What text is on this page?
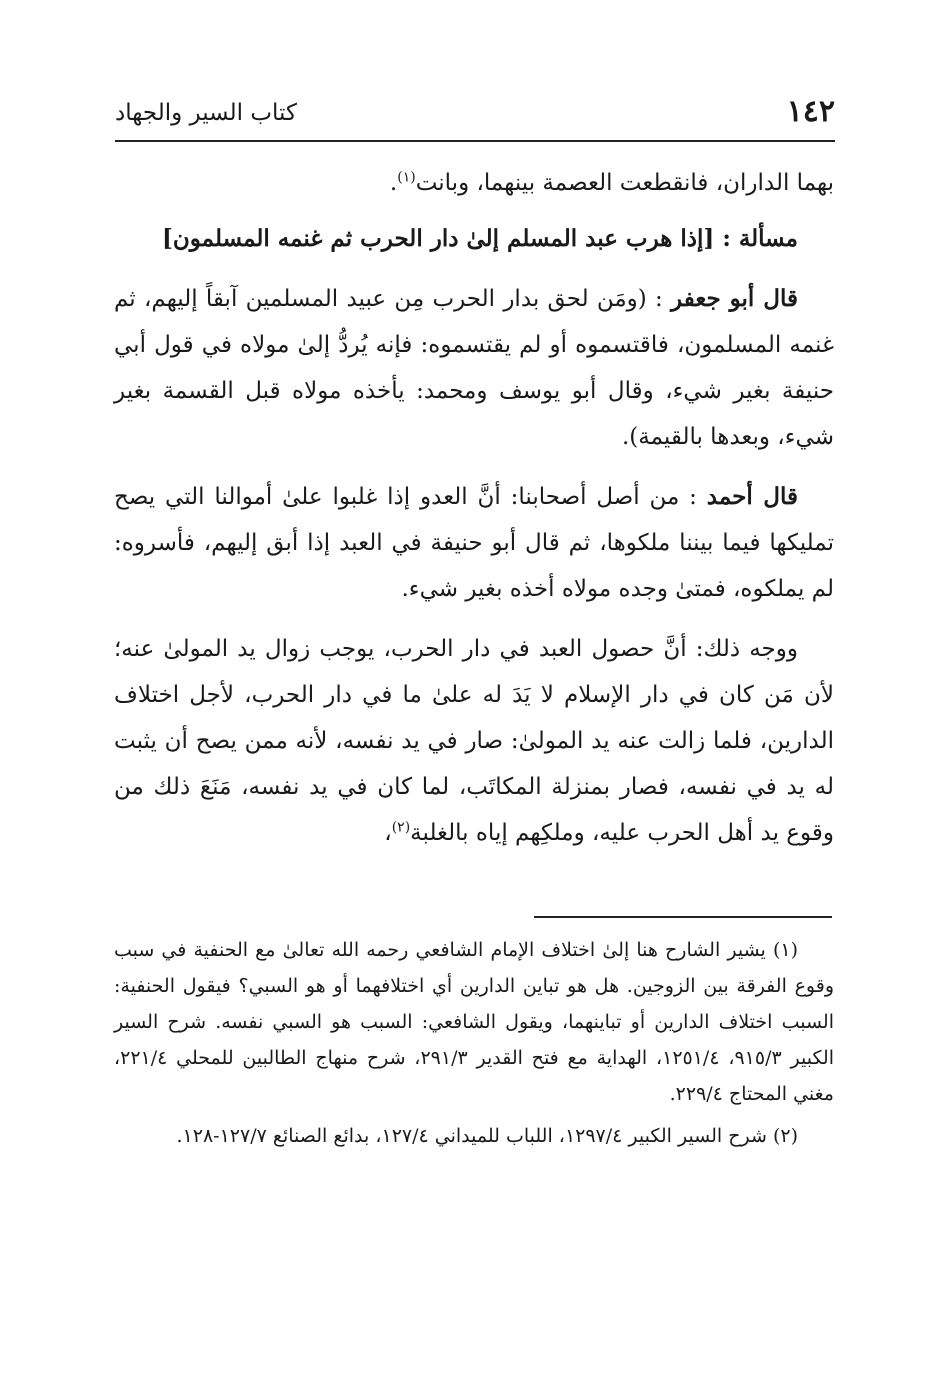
١٤٢
كتاب السير والجهاد

بهما الداران، فانقطعت العصمة بينهما، وبانت$^{(١)}$.

مسألة : [إذا هرب عبد المسلم إلىٰ دار الحرب ثم غنمه المسلمون]

قال أبو جعفر : (ومَن لحق بدار الحرب مِن عبيد المسلمين آبقاً إليهم، ثم غنمه المسلمون، فاقتسموه أو لم يقتسموه: فإنه يُردُّ إلىٰ مولاه في قول أبي حنيفة بغير شيء، وقال أبو يوسف ومحمد: يأخذه مولاه قبل القسمة بغير شيء، وبعدها بالقيمة).

قال أحمد : من أصل أصحابنا: أنَّ العدو إذا غلبوا علىٰ أموالنا التي يصح تمليكها فيما بيننا ملكوها، ثم قال أبو حنيفة في العبد إذا أبق إليهم، فأسروه: لم يملكوه، فمتىٰ وجده مولاه أخذه بغير شيء.

ووجه ذلك: أنَّ حصول العبد في دار الحرب، يوجب زوال يد المولىٰ عنه؛ لأن مَن كان في دار الإسلام لا يَدَ له علىٰ ما في دار الحرب، لأجل اختلاف الدارين، فلما زالت عنه يد المولىٰ: صار في يد نفسه، لأنه ممن يصح أن يثبت له يد في نفسه، فصار بمنزلة المكاتَب، لما كان في يد نفسه، مَنَعَ ذلك من وقوع يد أهل الحرب عليه، وملكِهم إياه بالغلبة$^{(٢)}$،

(١) يشير الشارح هنا إلىٰ اختلاف الإمام الشافعي رحمه الله تعالىٰ مع الحنفية في سبب وقوع الفرقة بين الزوجين. هل هو تباين الدارين أي اختلافهما أو هو السبي؟ فيقول الحنفية: السبب اختلاف الدارين أو تباينهما، ويقول الشافعي: السبب هو السبي نفسه. شرح السير الكبير ٩١٥/٣، ١٢٥١/٤، الهداية مع فتح القدير ٢٩١/٣، شرح منهاج الطالبين للمحلي ٢٢١/٤، مغني المحتاج ٢٢٩/٤.

(٢) شرح السير الكبير ١٢٩٧/٤، اللباب للميداني ١٢٧/٤، بدائع الصنائع ١٢٧/٧-١٢٨.
